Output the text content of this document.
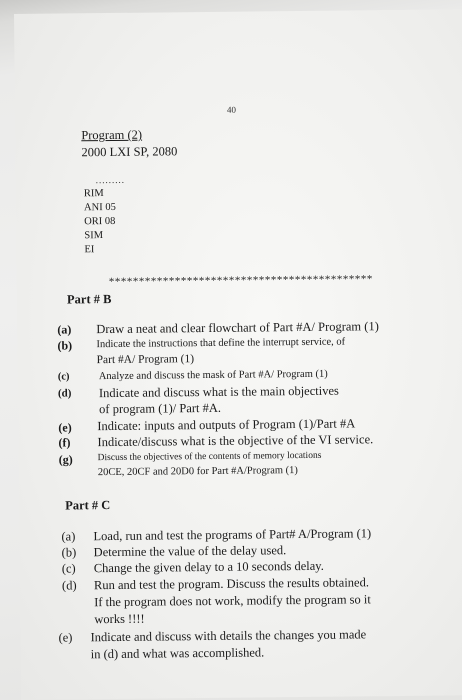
40
Program (2)
2000 LXI SP, 2080
.........
RIM
ANI 05
ORI 08
SIM
EI
********************************************
Part # B
(a) Draw a neat and clear flowchart of Part #A/ Program (1)
(b) Indicate the instructions that define the interrupt service, of
Part #A/ Program (1)
(c)	Analyze and discuss the mask of Part #A/ Program (1)
(d) Indicate and discuss what is the main objectives
of program (1)/ Part #A.
(e) Indicate: inputs and outputs of Program (1)/Part #A
(f) Indicate/discuss what is the objective of the VI service.
(g)	Discuss the objectives of the contents of memory locations
20CE, 20CF and 20D0 for Part #A/Program (1)
Part # C
(a) Load, run and test the programs of Part# A/Program (1)
(b) Determine the value of the delay used.
(c) Change the given delay to a 10 seconds delay.
(d) Run and test the program. Discuss the results obtained.
If the program does not work, modify the program so it
works !!!!
(e) Indicate and discuss with details the changes you made
in (d) and what was accomplished.
